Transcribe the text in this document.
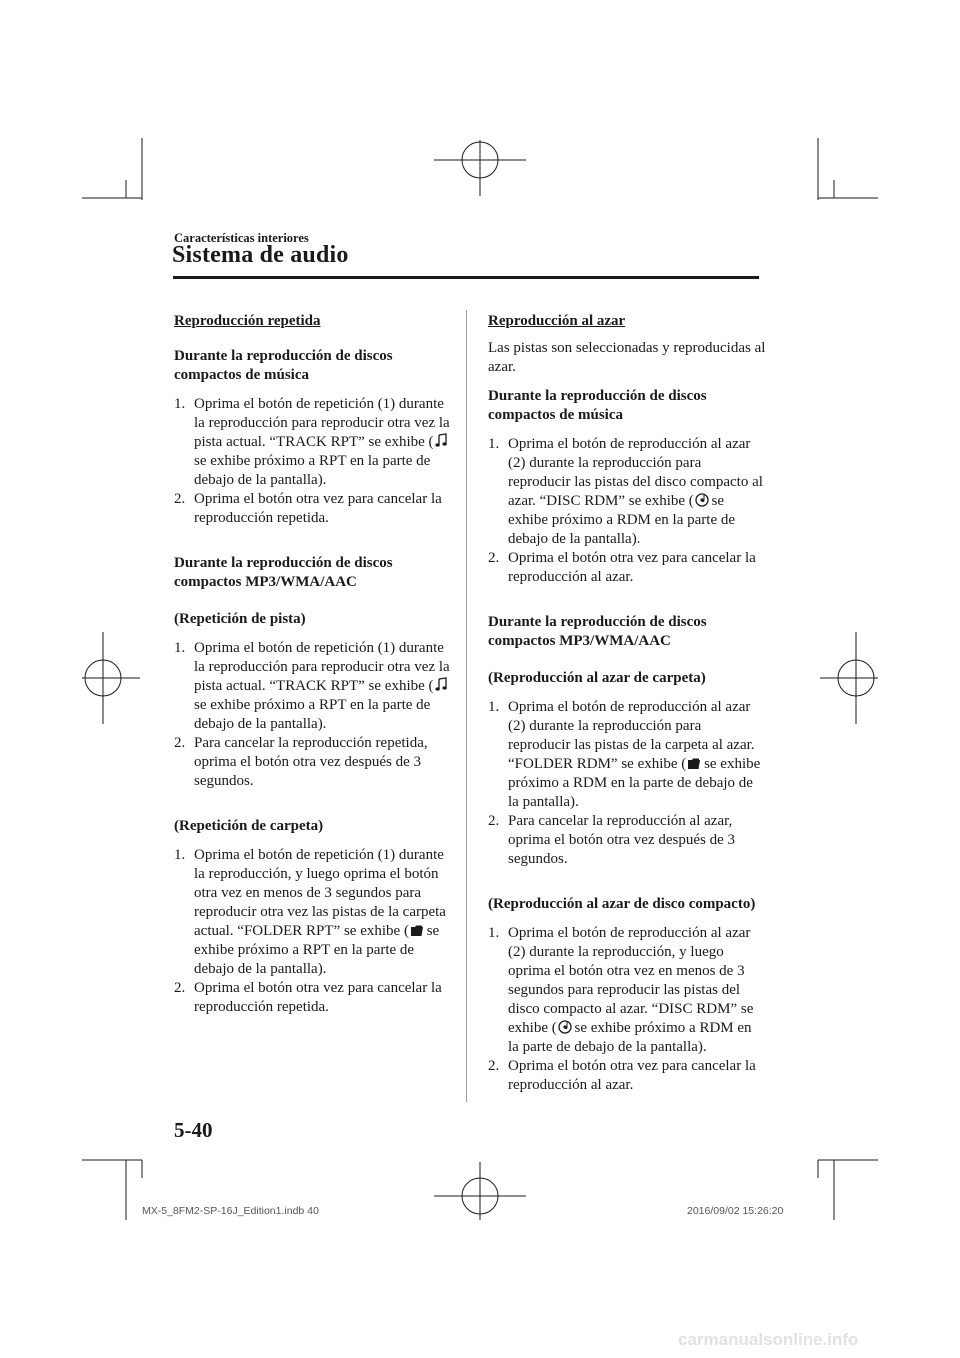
Características interiores
Sistema de audio
Reproducción repetida
Durante la reproducción de discos compactos de música
1. Oprima el botón de repetición (1) durante la reproducción para reproducir otra vez la pista actual. “TRACK RPT” se exhibe ( se exhibe próximo a RPT en la parte de debajo de la pantalla).
2. Oprima el botón otra vez para cancelar la reproducción repetida.
Durante la reproducción de discos compactos MP3/WMA/AAC
(Repetición de pista)
1. Oprima el botón de repetición (1) durante la reproducción para reproducir otra vez la pista actual. “TRACK RPT” se exhibe ( se exhibe próximo a RPT en la parte de debajo de la pantalla).
2. Para cancelar la reproducción repetida, oprima el botón otra vez después de 3 segundos.
(Repetición de carpeta)
1. Oprima el botón de repetición (1) durante la reproducción, y luego oprima el botón otra vez en menos de 3 segundos para reproducir otra vez las pistas de la carpeta actual. “FOLDER RPT” se exhibe ( se exhibe próximo a RPT en la parte de debajo de la pantalla).
2. Oprima el botón otra vez para cancelar la reproducción repetida.
Reproducción al azar
Las pistas son seleccionadas y reproducidas al azar.
Durante la reproducción de discos compactos de música
1. Oprima el botón de reproducción al azar (2) durante la reproducción para reproducir las pistas del disco compacto al azar. “DISC RDM” se exhibe ( se exhibe próximo a RDM en la parte de debajo de la pantalla).
2. Oprima el botón otra vez para cancelar la reproducción al azar.
Durante la reproducción de discos compactos MP3/WMA/AAC
(Reproducción al azar de carpeta)
1. Oprima el botón de reproducción al azar (2) durante la reproducción para reproducir las pistas de la carpeta al azar. “FOLDER RDM” se exhibe ( se exhibe próximo a RDM en la parte de debajo de la pantalla).
2. Para cancelar la reproducción al azar, oprima el botón otra vez después de 3 segundos.
(Reproducción al azar de disco compacto)
1. Oprima el botón de reproducción al azar (2) durante la reproducción, y luego oprima el botón otra vez en menos de 3 segundos para reproducir las pistas del disco compacto al azar. “DISC RDM” se exhibe ( se exhibe próximo a RDM en la parte de debajo de la pantalla).
2. Oprima el botón otra vez para cancelar la reproducción al azar.
5-40
MX-5_8FM2-SP-16J_Edition1.indb 40	2016/09/02 15:26:20
carmanualsonline.info
